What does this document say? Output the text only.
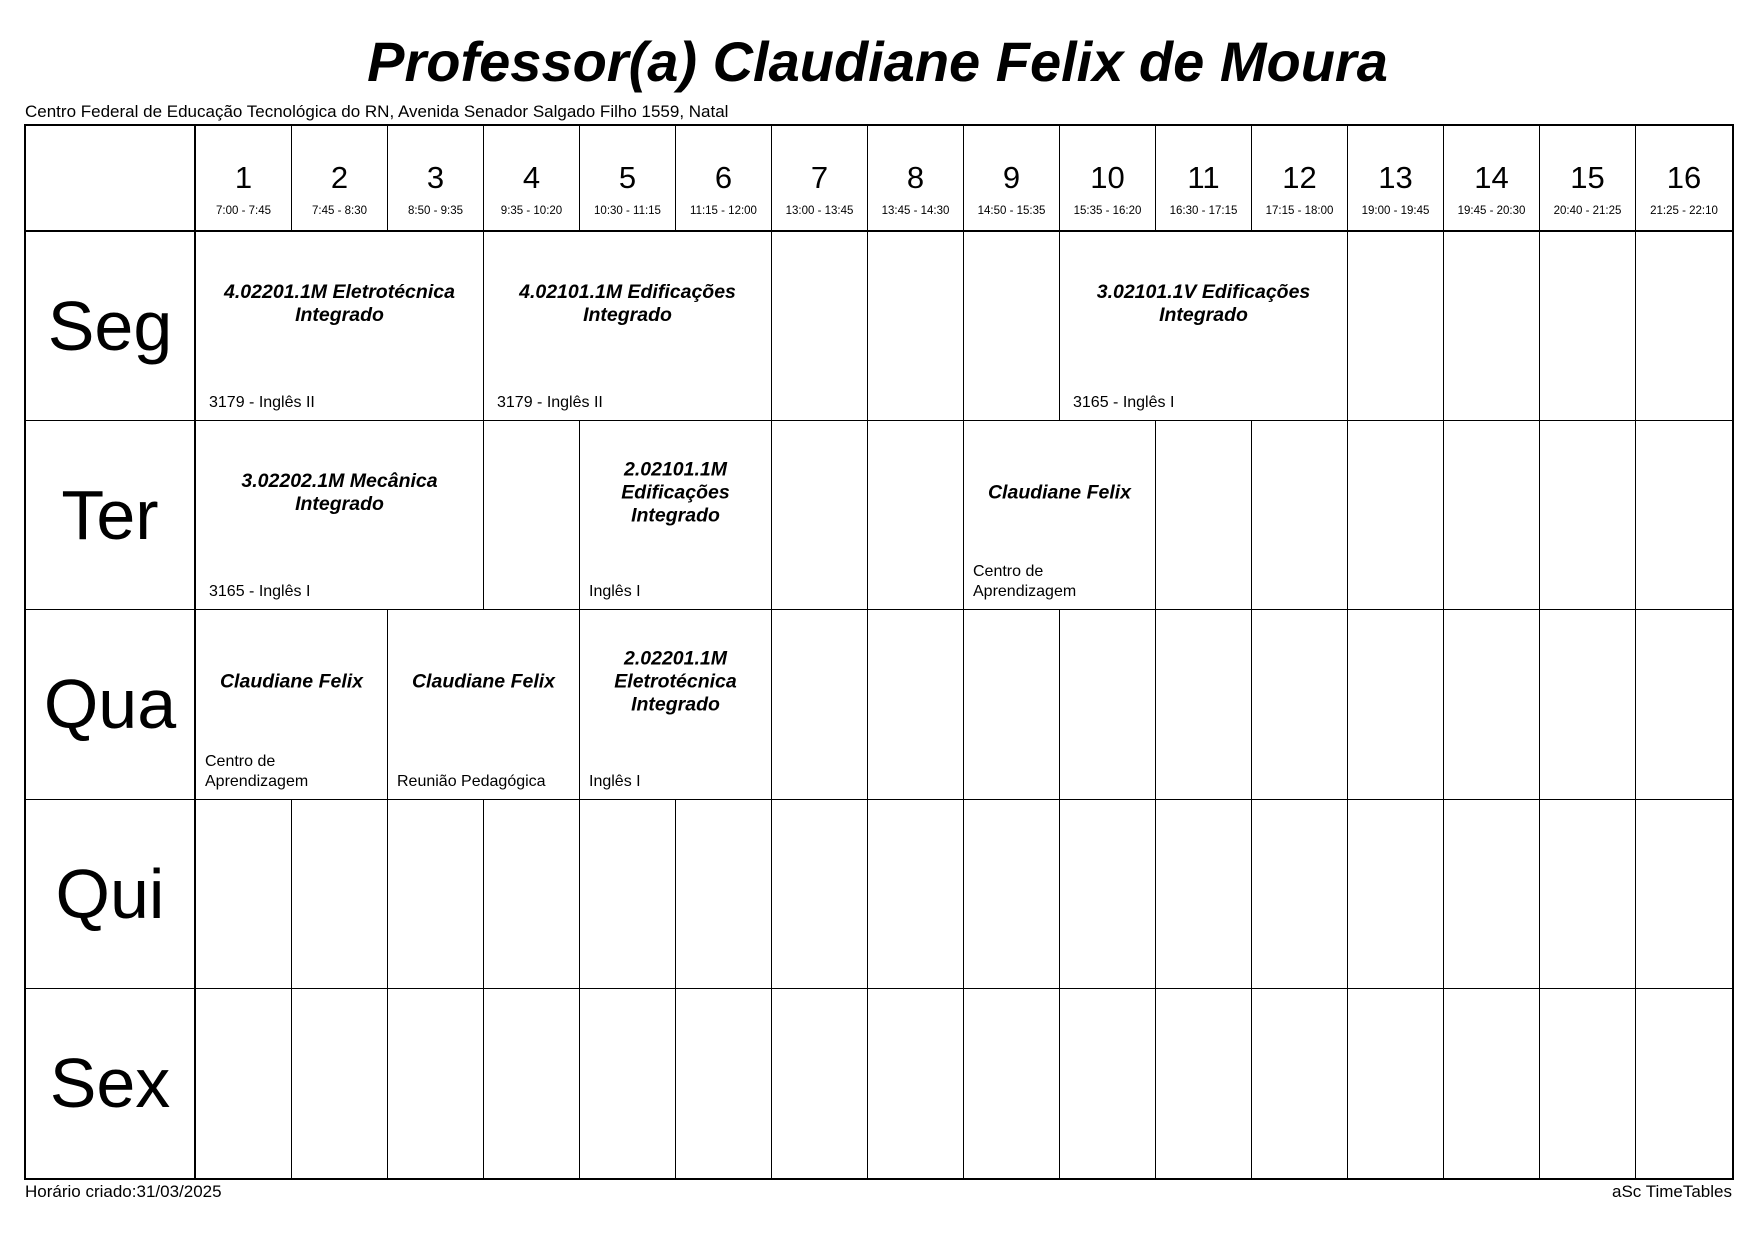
Professor(a) Claudiane Felix de Moura
Centro Federal de Educação Tecnológica do RN, Avenida Senador Salgado Filho 1559, Natal
1
7:00 - 7:45
2
7:45 - 8:30
3
8:50 - 9:35
4
9:35 - 10:20
5
10:30 - 11:15
6
11:15 - 12:00
7
13:00 - 13:45
8
13:45 - 14:30
9
14:50 - 15:35
10
15:35 - 16:20
11
16:30 - 17:15
12
17:15 - 18:00
13
19:00 - 19:45
14
19:45 - 20:30
15
20:40 - 21:25
16
21:25 - 22:10
Seg
Ter
Qua
Qui
Sex
4.02201.1M Eletrotécnica Integrado
3179 - Inglês II
4.02101.1M Edificações Integrado
3179 - Inglês II
3.02101.1V Edificações Integrado
3165 - Inglês I
3.02202.1M Mecânica Integrado
3165 - Inglês I
2.02101.1M Edificações Integrado
Inglês I
Claudiane Felix
Centro de Aprendizagem
Claudiane Felix
Centro de Aprendizagem
Claudiane Felix
Reunião Pedagógica
2.02201.1M Eletrotécnica Integrado
Inglês I
Horário criado:31/03/2025	aSc TimeTables
